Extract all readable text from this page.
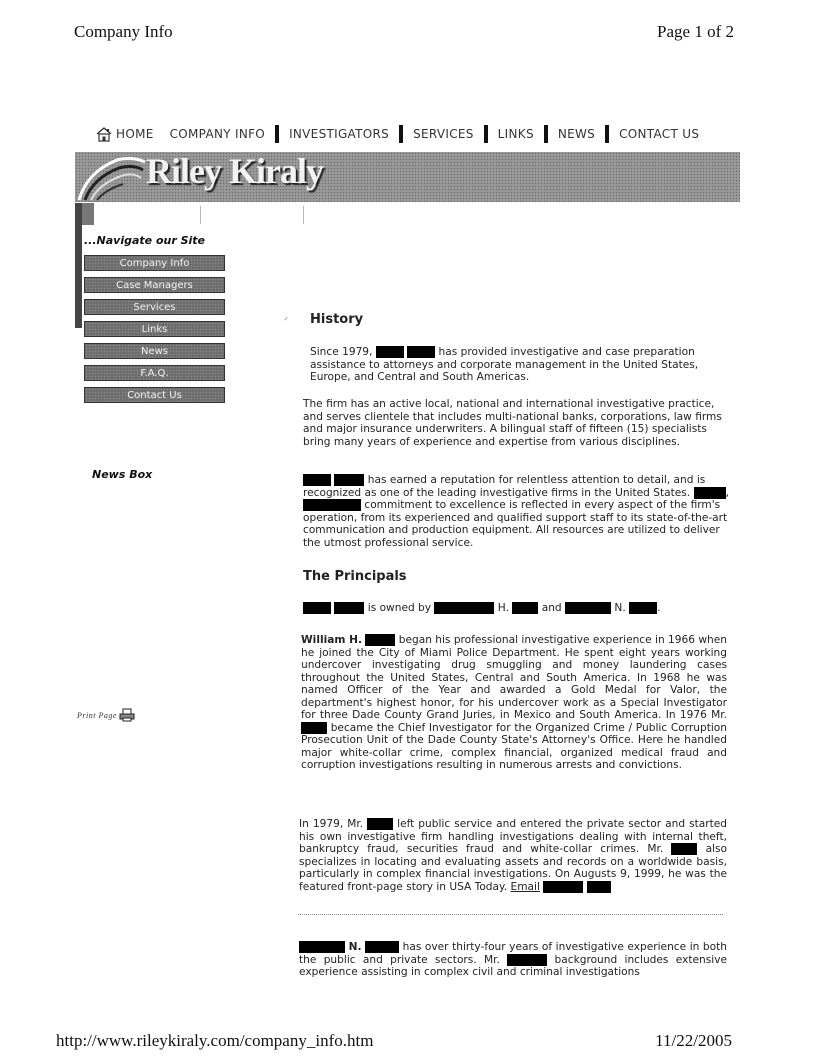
Company Info	Page 1 of 2
http://www.rileykiraly.com/company_info.htm	11/22/2005
HOME COMPANY INFO INVESTIGATORS SERVICES LINKS NEWS CONTACT US
Riley Kiraly
...Navigate our Site
Company Info
Case Managers
Services
Links
News
F.A.Q.
Contact Us
News Box
Print Page
History

Since 1979,	has provided investigative and case preparation assistance to attorneys and corporate management in the United States, Europe, and Central and South Americas.

The firm has an active local, national and international investigative practice, and serves clientele that includes multi-national banks, corporations, law firms and major insurance underwriters. A bilingual staff of fifteen (15) specialists bring many years of experience and expertise from various disciplines.

has earned a reputation for relentless attention to detail, and is recognized as one of the leading investigative firms in the United States.	,  commitment to excellence is reflected in every aspect of the firm's operation, from its experienced and qualified support staff to its state-of-the-art communication and production equipment. All resources are utilized to deliver the utmost professional service.

The Principals

is owned by	H.	and	N.	.

William H.	began his professional investigative experience in 1966 when he joined the City of Miami Police Department. He spent eight years working undercover investigating drug smuggling and money laundering cases throughout the United States, Central and South America. In 1968 he was named Officer of the Year and awarded a Gold Medal for Valor, the department's highest honor, for his undercover work as a Special Investigator for three Dade County Grand Juries, in Mexico and South America. In 1976 Mr.  became the Chief Investigator for the Organized Crime / Public Corruption Prosecution Unit of the Dade County State's Attorney's Office. Here he handled major white-collar crime, complex financial, organized medical fraud and corruption investigations resulting in numerous arrests and convictions.

In 1979, Mr.	left public service and entered the private sector and started his own investigative firm handling investigations dealing with internal theft, bankruptcy fraud, securities fraud and white-collar crimes. Mr.	also specializes in locating and evaluating assets and records on a worldwide basis, particularly in complex financial investigations. On Augusts 9, 1999, he was the featured front-page story in USA Today. Email

N.	has over thirty-four years of investigative experience in both the public and private sectors. Mr.	background includes extensive experience assisting in complex civil and criminal investigations
